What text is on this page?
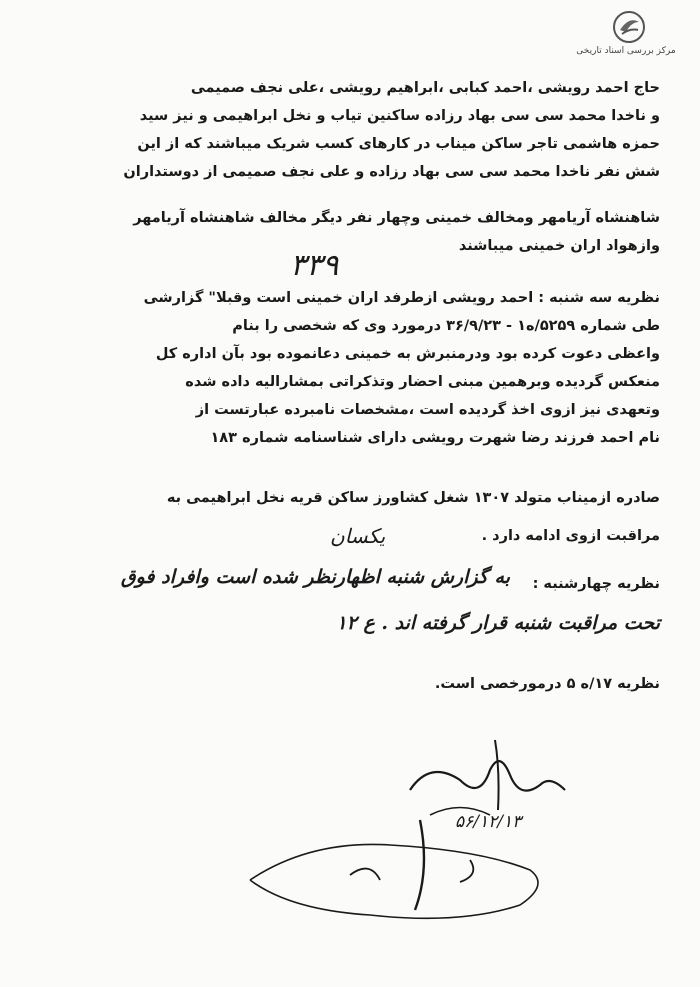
مرکز بررسی اسناد تاریخی
حاج احمد رویشی ،احمد کبابی ،ابراهیم رویشی ،علی نجف صمیمی
و ناخدا محمد سی سی بهاد رزاده ساکنین تیاب و نخل ابراهیمی و نیز سید
حمزه هاشمی تاجر ساکن میناب در کارهای کسب شریک میباشند که از این
شش نفر ناخدا محمد سی سی بهاد رزاده و علی نجف صمیمی از دوستداران
شاهنشاه آریامهر ومخالف خمینی وچهار نفر دیگر مخالف شاهنشاه آریامهر
وازهواد اران خمینی میباشند
۳۳۹
نظریه سه شنبه : احمد رویشی ازطرفد اران خمینی است وقبلا" گزارشی
طی شماره ۵۲۵۹/ه۱ - ۳۶/۹/۲۳ درمورد وی که شخصی را بنام
واعظی دعوت کرده بود ودرمنبرش به خمینی دعانموده بود بآن اداره کل
منعکس گردیده وبرهمین مبنی احضار وتذکراتی بمشارالیه داده شده
وتعهدی نیز ازوی اخذ گردیده است ،مشخصات نامبرده عبارتست از
نام احمد فرزند رضا شهرت رویشی دارای شناسنامه شماره ۱۸۳
صادره ازمیناب متولد ۱۳۰۷ شغل کشاورز ساکن قریه نخل ابراهیمی به
مراقبت ازوی ادامه دارد .
یکسان
نظریه چهارشنبه :
به گزارش شنبه اظهارنظر شده است وافراد فوق
تحت مراقبت شنبه قرار گرفته اند . ع ۱۲
نظریه ۱۷/ه ۵ درمورخصی است.
۵۶/۱۲/۱۳
